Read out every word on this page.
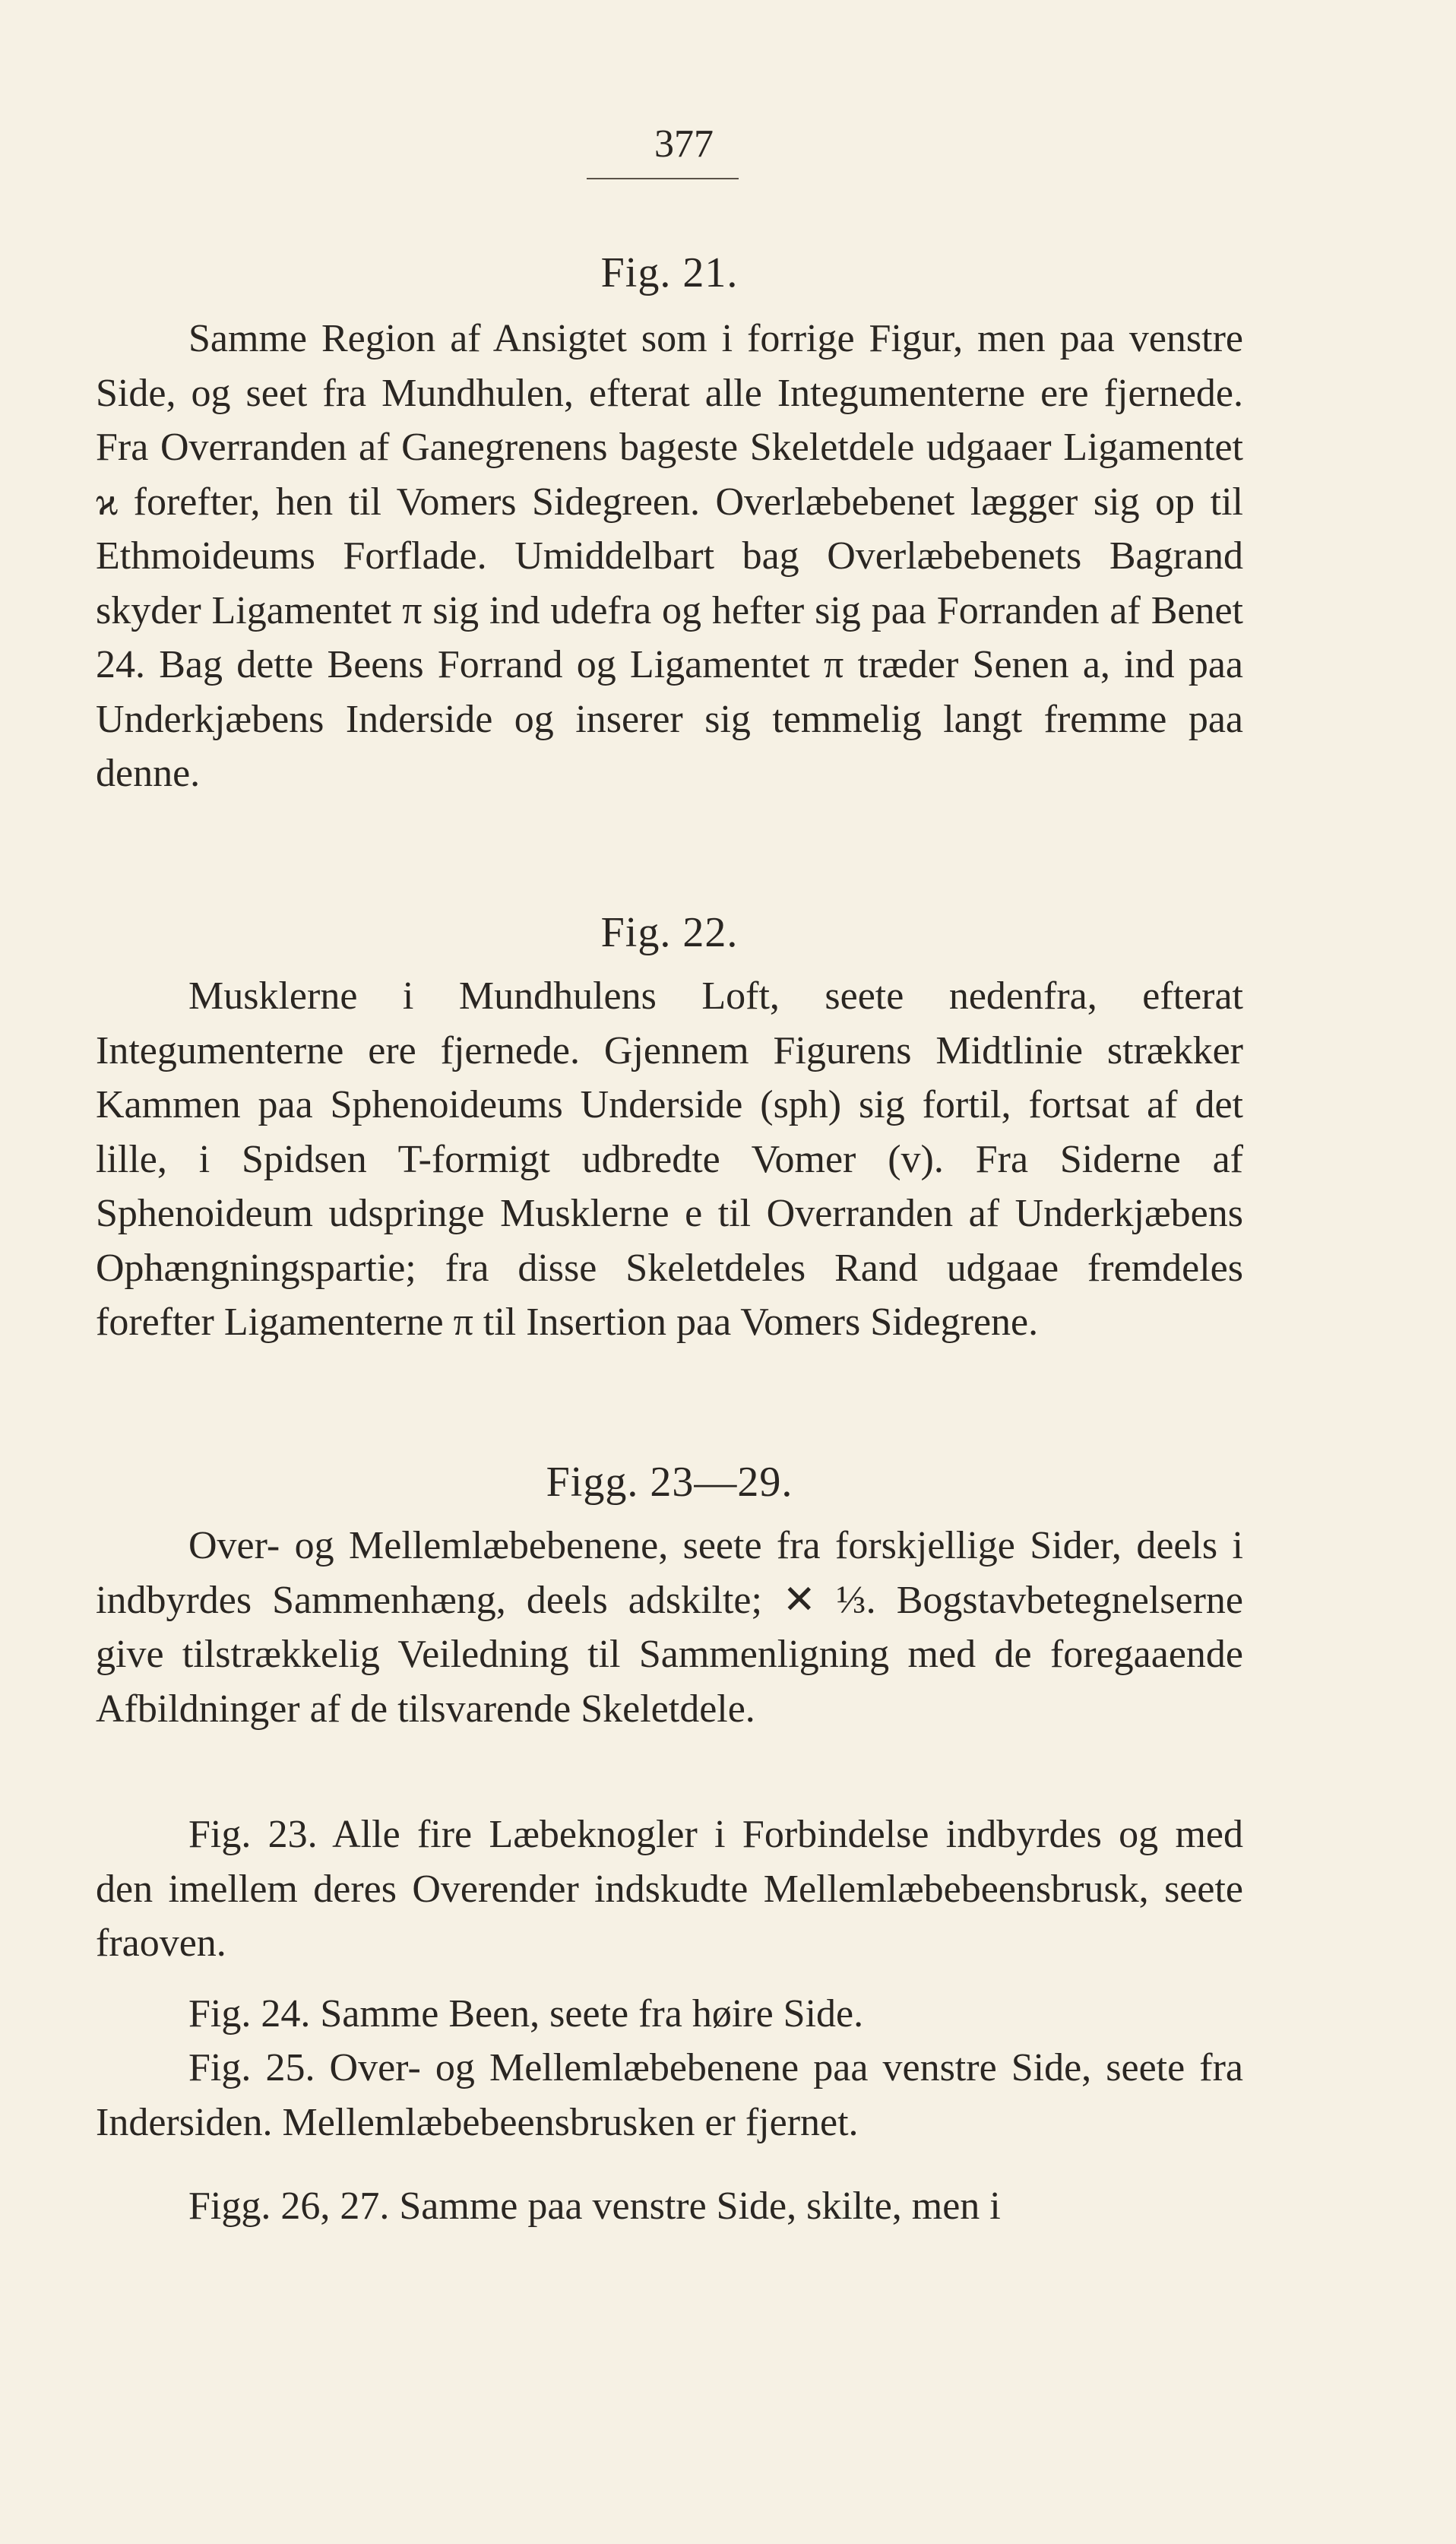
377
Fig. 21.

Samme Region af Ansigtet som i forrige Figur, men paa venstre Side, og seet fra Mundhulen, efterat alle Integumenterne ere fjernede. Fra Overranden af Ganegrenens bageste Skeletdele udgaaer Ligamentet ϰ forefter, hen til Vomers Sidegreen. Overlæbebenet lægger sig op til Ethmoideums Forflade. Umiddelbart bag Overlæbebenets Bagrand skyder Ligamentet π sig ind udefra og hefter sig paa Forranden af Benet 24. Bag dette Beens Forrand og Ligamentet π træder Senen a, ind paa Underkjæbens Inderside og inserer sig temmelig langt fremme paa denne.

Fig. 22.

Musklerne i Mundhulens Loft, seete nedenfra, efterat Integumenterne ere fjernede. Gjennem Figurens Midtlinie strækker Kammen paa Sphenoideums Underside (sph) sig fortil, fortsat af det lille, i Spidsen T-formigt udbredte Vomer (v). Fra Siderne af Sphenoideum udspringe Musklerne e til Overranden af Underkjæbens Ophængningspartie; fra disse Skeletdeles Rand udgaae fremdeles forefter Ligamenterne π til Insertion paa Vomers Sidegrene.

Figg. 23—29.

Over- og Mellemlæbebenene, seete fra forskjellige Sider, deels i indbyrdes Sammenhæng, deels adskilte; ✕ ⅓. Bogstavbetegnelserne give tilstrækkelig Veiledning til Sammenligning med de foregaaende Afbildninger af de tilsvarende Skeletdele.

Fig. 23. Alle fire Læbeknogler i Forbindelse indbyrdes og med den imellem deres Overender indskudte Mellemlæbebeensbrusk, seete fraoven.

Fig. 24. Samme Been, seete fra høire Side.

Fig. 25. Over- og Mellemlæbebenene paa venstre Side, seete fra Indersiden. Mellemlæbebeensbrusken er fjernet.

Figg. 26, 27. Samme paa venstre Side, skilte, men i
